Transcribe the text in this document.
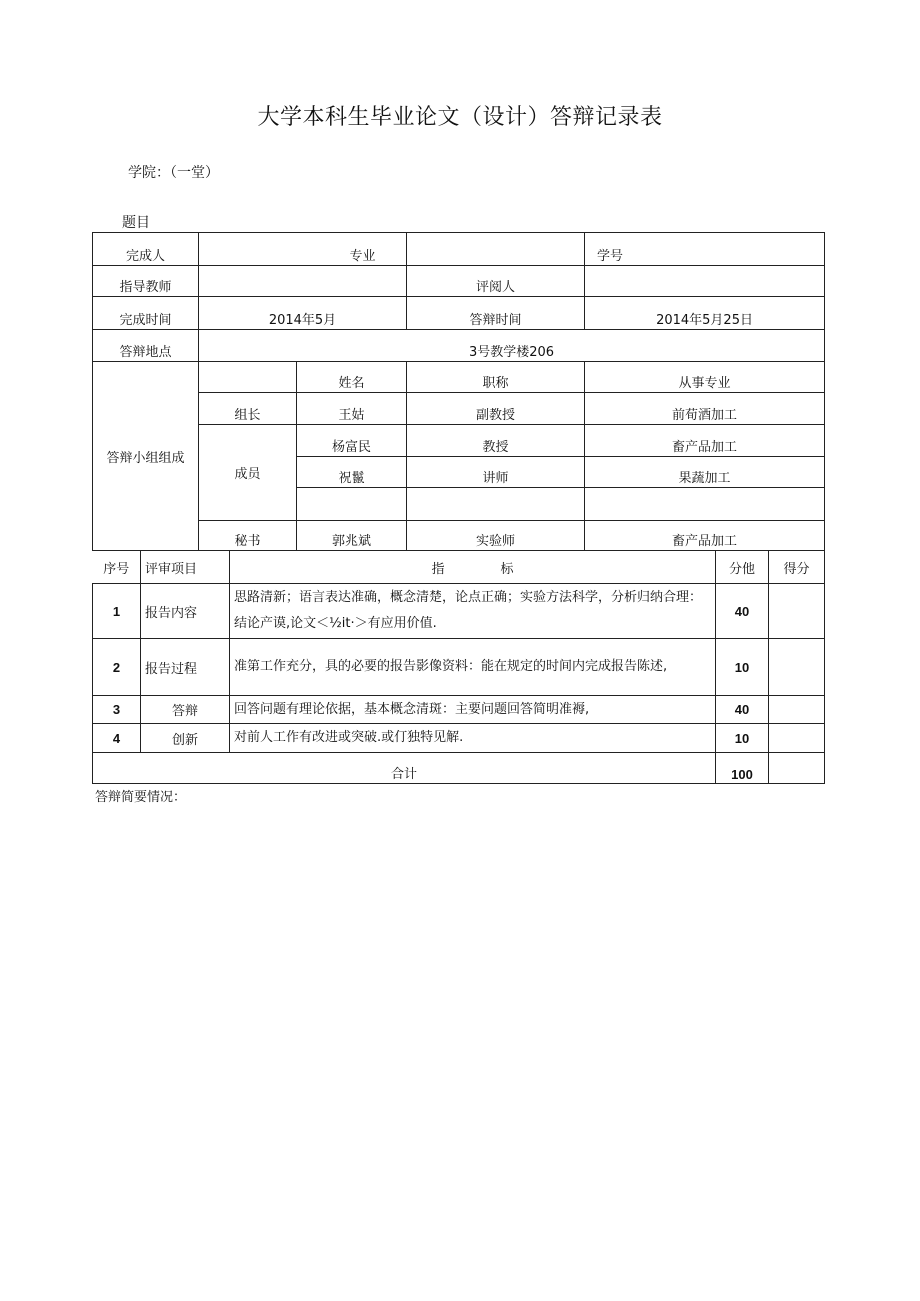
大学本科生毕业论文（设计）答辩记录表
学院：（一堂）
题目
完成人	专业			学号
指导教师			评阅人	
完成时间	2014年5月		答辩时间	2014年5月25日
答辩地点	3号教学楼206			
答辩小组组成		姓名	职称	从事专业
	组长	王姑	副教授	前荀酒加工
	成员	杨富民	教授	畜产品加工
		祝鬣	讲师	果蔬加工

	秘书	郭兆斌	实验师	畜产品加工
序号	评审项目	指 标	分他	得分
1	报告内容	思路清新；语言表达准确，概念清楚，论点正确；实验方法科学，分析归纳合理：结论产谟,论文＜½it·＞有应用价值.	40	
2	报告过程	准第工作充分，具的必要的报告影像资料：能在规定的时间内完成报告陈述,	10	
3	答辩	回答问题有理论依据，基本概念清斑：主要问题回答简明准褥,	40	
4	创新	对前人工作有改进或突破.或仃独特见解.	10	
合计			100	
答辩简要情况：
